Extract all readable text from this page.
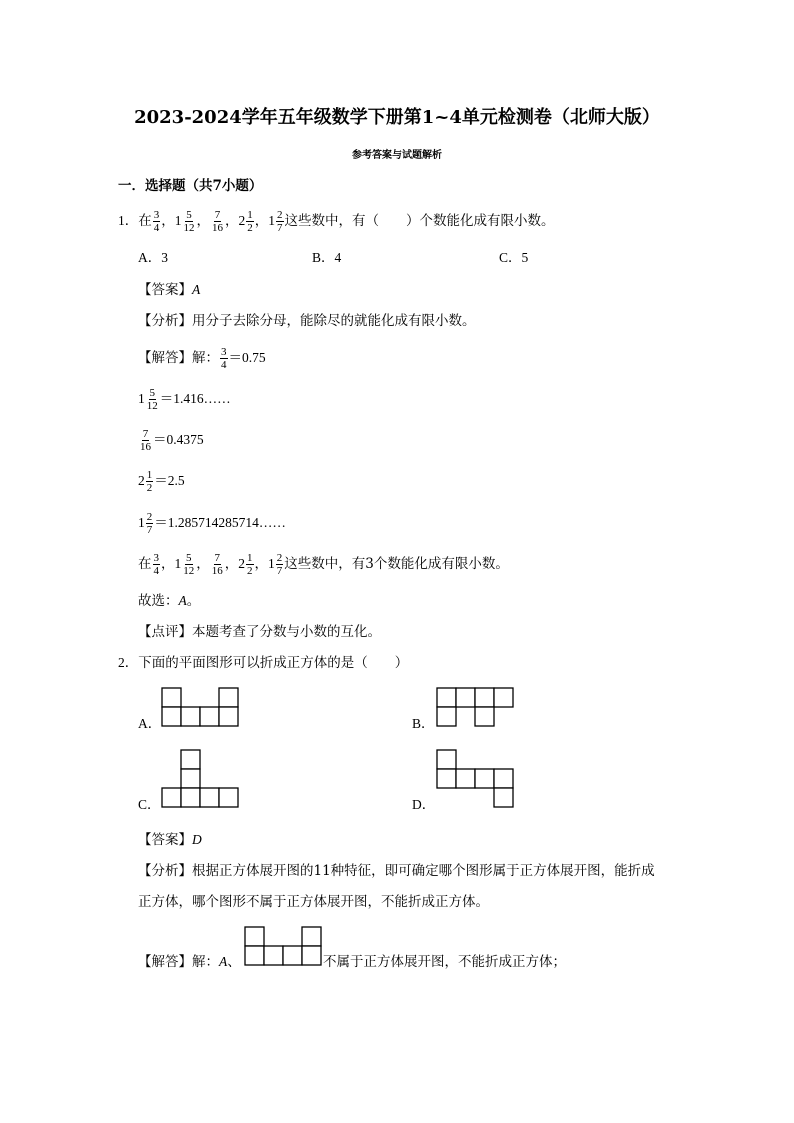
2023-2024学年五年级数学下册第1~4单元检测卷（北师大版）
参考答案与试题解析
一．选择题（共7小题）
1． 在 $\frac{3}{4}$ ， $1 \frac{5}{12}$ ， $\frac{7}{16}$ ， $2 \frac{1}{2}$ ， $1 \frac{2}{7}$ 这些数中，有（　　）个数能化成有限小数。
A．3	B．4	C．5
【答案】A
【分析】用分子去除分母，能除尽的就能化成有限小数。
【解答】 解： $\frac{3}{4} =0.75$
$1 \frac{5}{12}$ ＝1.416……
$\frac{7}{16} =0.4375$
$2 \frac{1}{2} =2.5$
$1 \frac{2}{7}$ ＝1.285714285714……
在 $\frac{3}{4}$ ， $1 \frac{5}{12}$ ， $\frac{7}{16}$ ， $2 \frac{1}{2}$ ， $1 \frac{2}{7}$ 这些数中，有3个数能化成有限小数。
故选：A。
【点评】本题考查了分数与小数的互化。
2．下面的平面图形可以折成正方体的是（　　）
A．	B．
C．	D．
【答案】D
【分析】根据正方体展开图的11种特征，即可确定哪个图形属于正方体展开图，能折成
正方体，哪个图形不属于正方体展开图，不能折成正方体。
【解答】解：A、	不属于正方体展开图，不能折成正方体；
